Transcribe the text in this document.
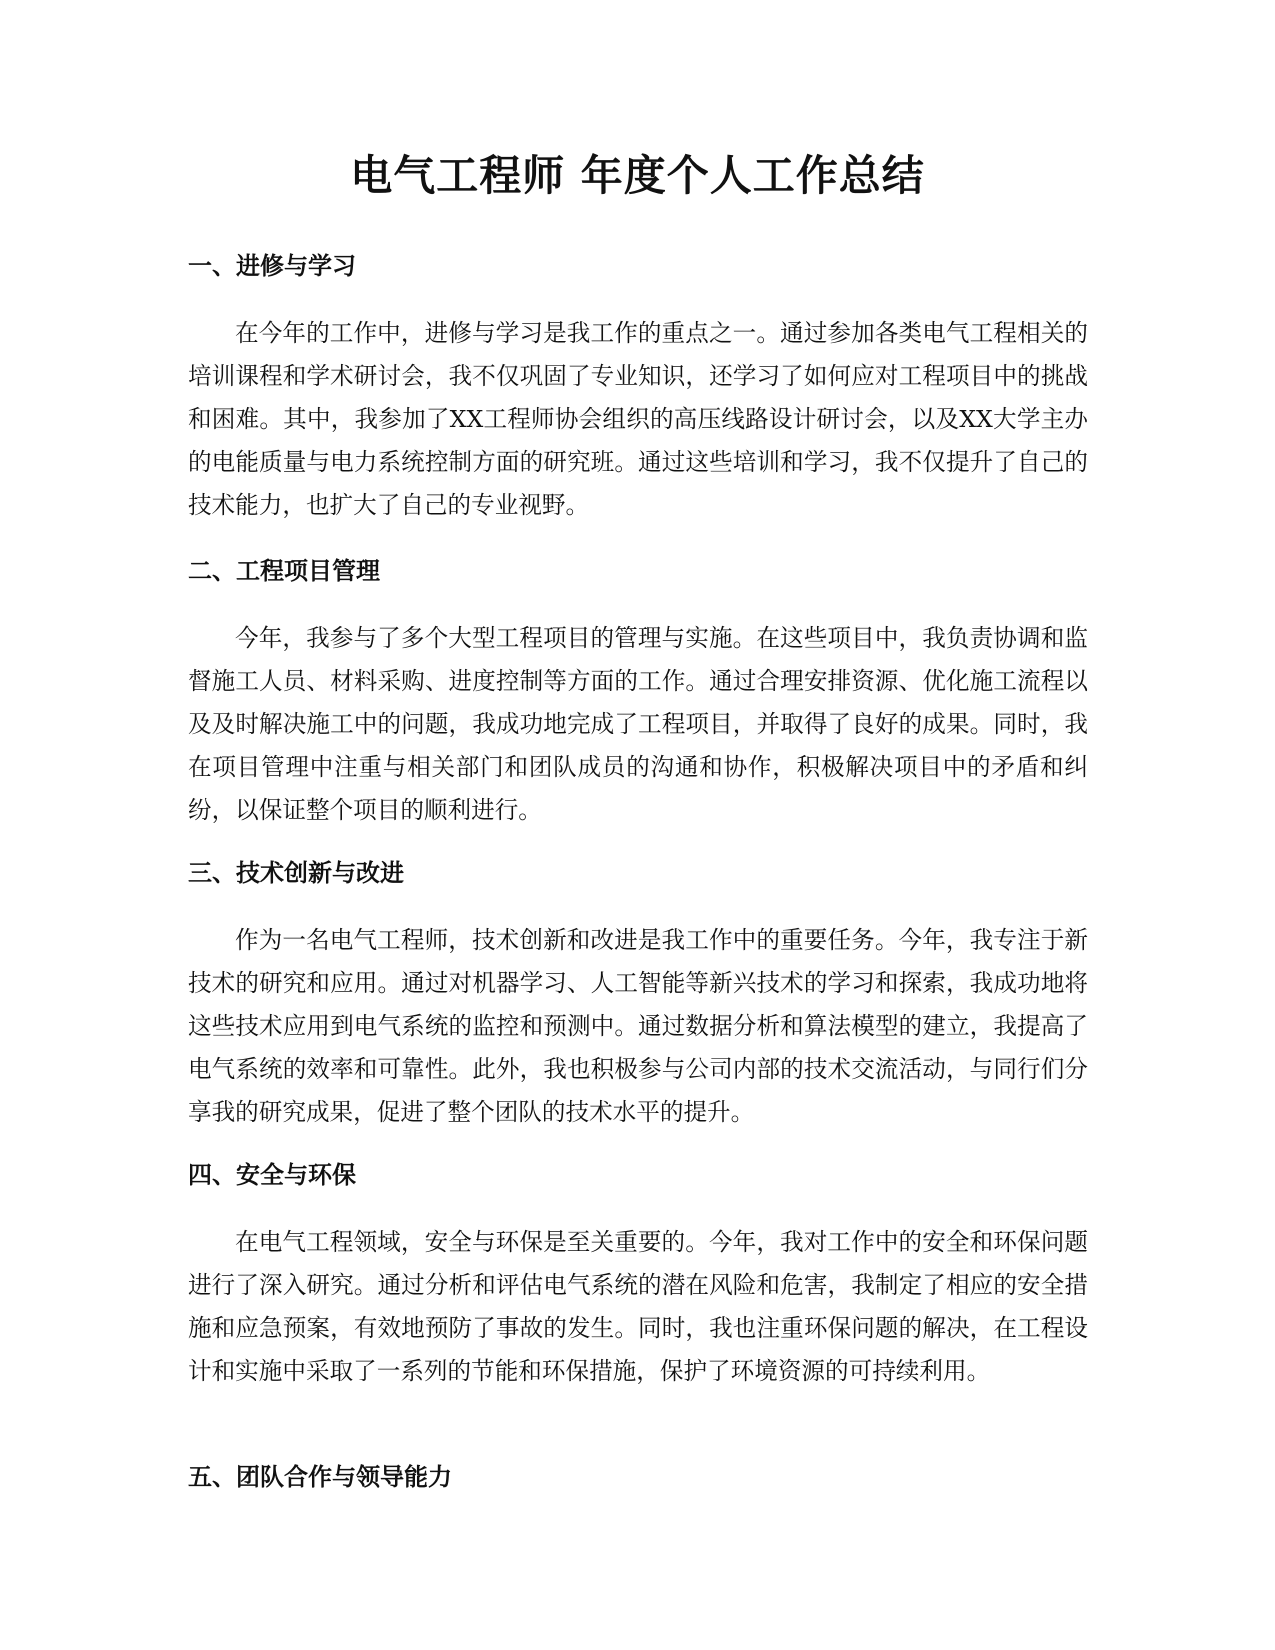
电气工程师 年度个人工作总结
一、进修与学习

在今年的工作中，进修与学习是我工作的重点之一。通过参加各类电气工程相关的培训课程和学术研讨会，我不仅巩固了专业知识，还学习了如何应对工程项目中的挑战和困难。其中，我参加了XX工程师协会组织的高压线路设计研讨会，以及XX大学主办的电能质量与电力系统控制方面的研究班。通过这些培训和学习，我不仅提升了自己的技术能力，也扩大了自己的专业视野。

二、工程项目管理

今年，我参与了多个大型工程项目的管理与实施。在这些项目中，我负责协调和监督施工人员、材料采购、进度控制等方面的工作。通过合理安排资源、优化施工流程以及及时解决施工中的问题，我成功地完成了工程项目，并取得了良好的成果。同时，我在项目管理中注重与相关部门和团队成员的沟通和协作，积极解决项目中的矛盾和纠纷，以保证整个项目的顺利进行。

三、技术创新与改进

作为一名电气工程师，技术创新和改进是我工作中的重要任务。今年，我专注于新技术的研究和应用。通过对机器学习、人工智能等新兴技术的学习和探索，我成功地将这些技术应用到电气系统的监控和预测中。通过数据分析和算法模型的建立，我提高了电气系统的效率和可靠性。此外，我也积极参与公司内部的技术交流活动，与同行们分享我的研究成果，促进了整个团队的技术水平的提升。

四、安全与环保

在电气工程领域，安全与环保是至关重要的。今年，我对工作中的安全和环保问题进行了深入研究。通过分析和评估电气系统的潜在风险和危害，我制定了相应的安全措施和应急预案，有效地预防了事故的发生。同时，我也注重环保问题的解决，在工程设计和实施中采取了一系列的节能和环保措施，保护了环境资源的可持续利用。

五、团队合作与领导能力
